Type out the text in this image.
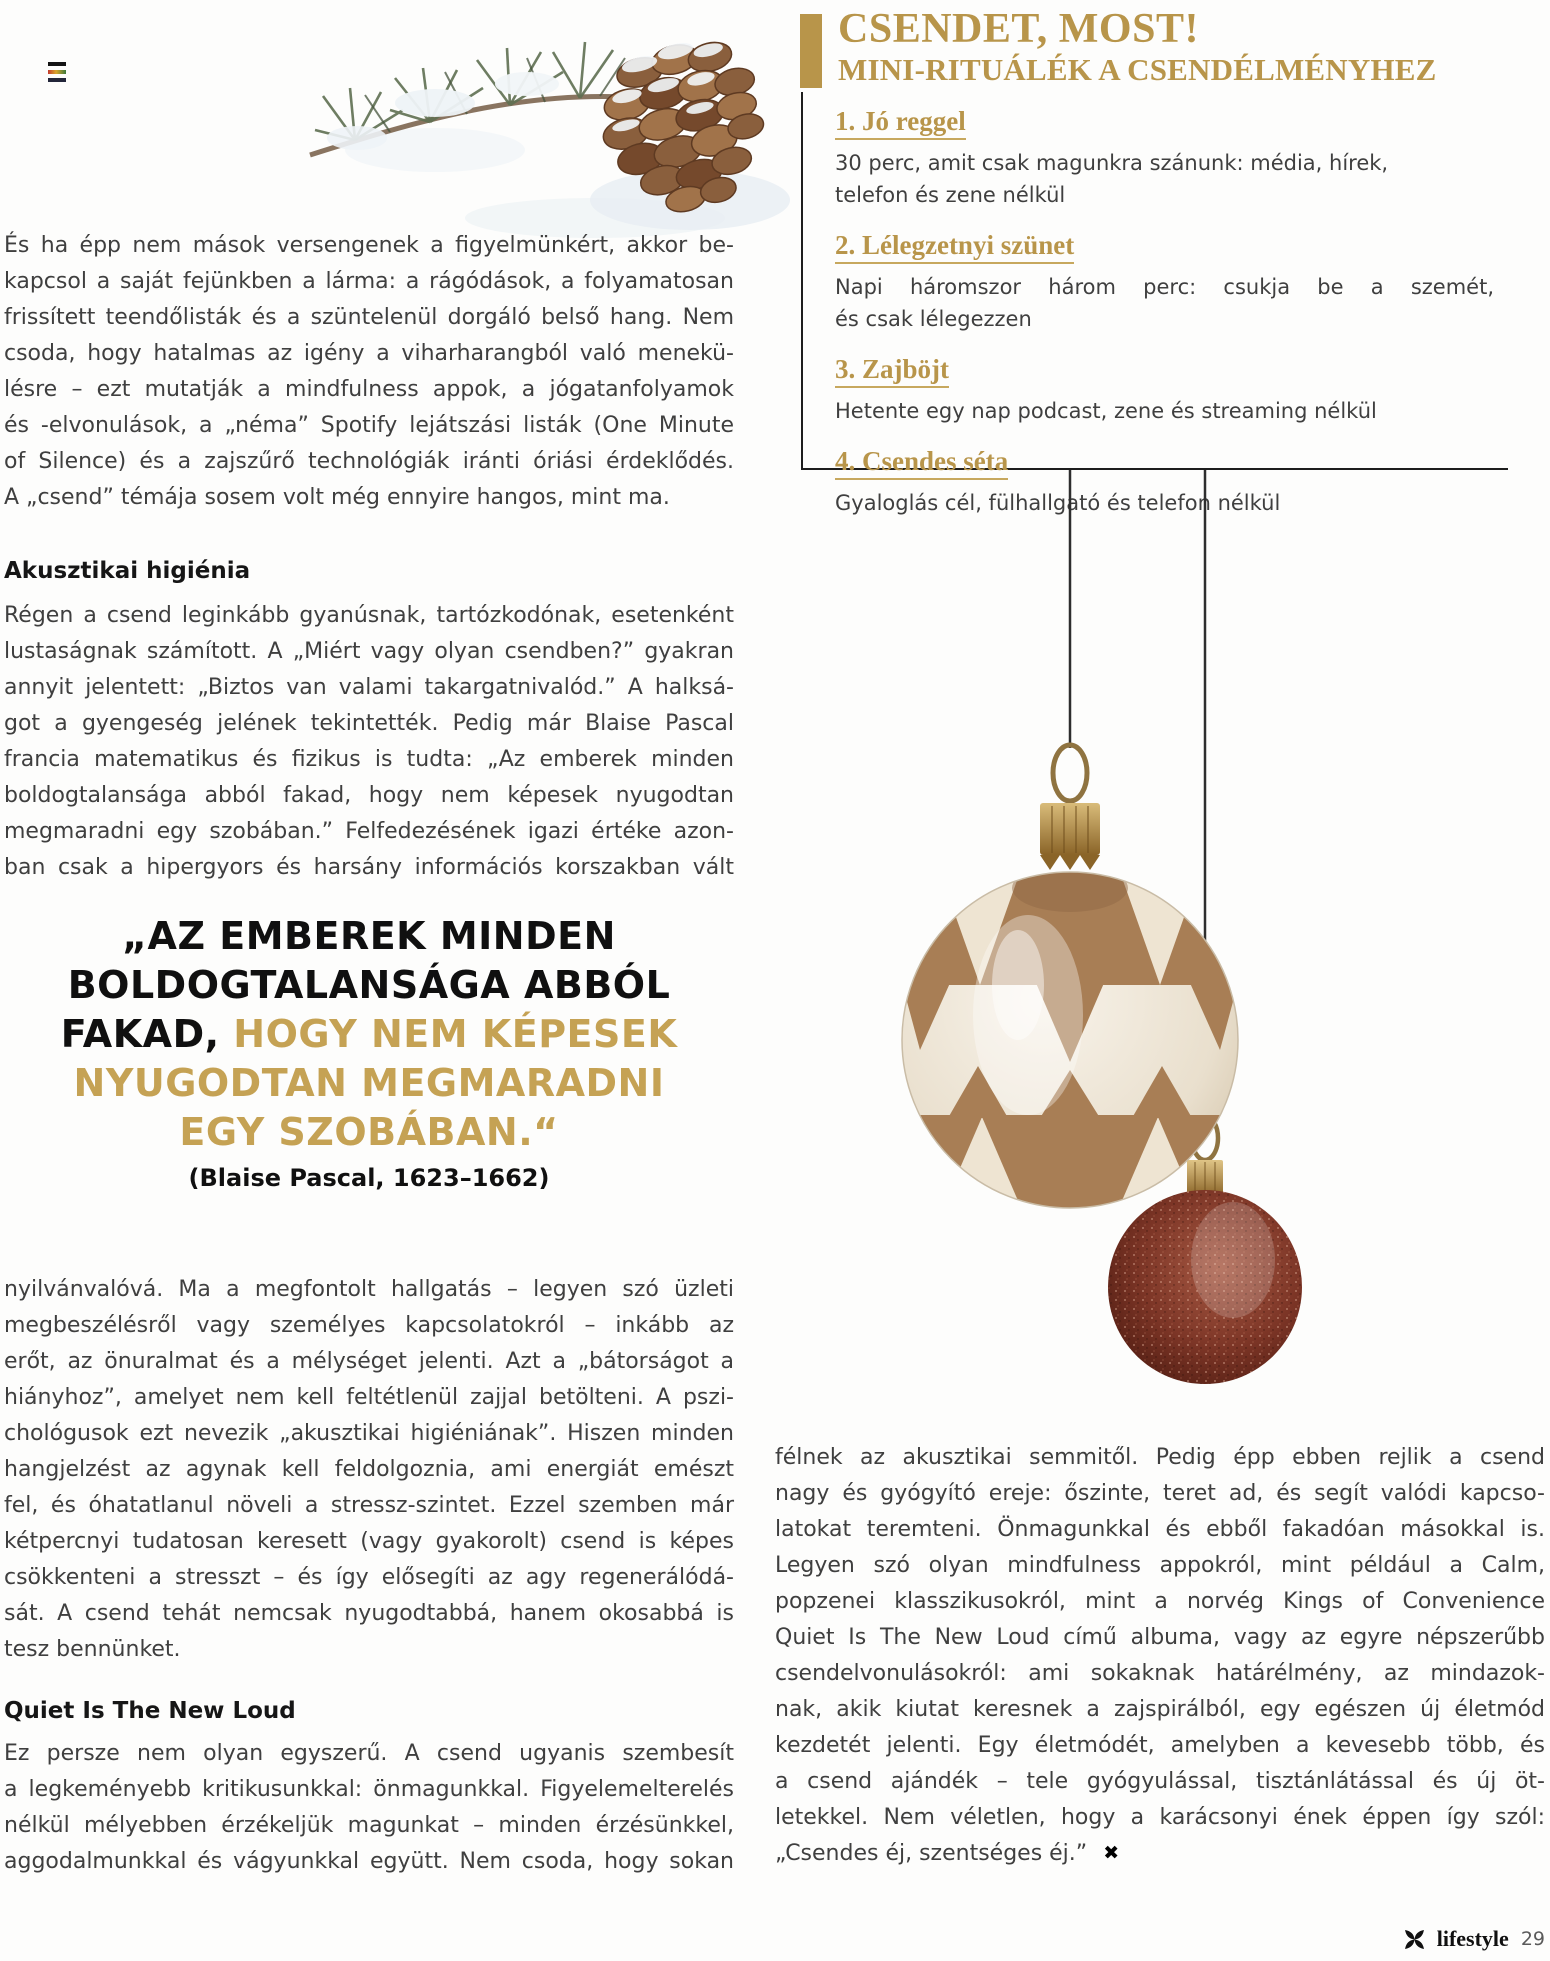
CSENDET, MOST!
MINI-RITUÁLÉK A CSENDÉLMÉNYHEZ
1. Jó reggel
30 perc, amit csak magunkra szánunk: média, hírek,
telefon és zene nélkül
2. Lélegzetnyi szünet
Napi háromszor három perc: csukja be a szemét,
és csak lélegezzen
3. Zajböjt
Hetente egy nap podcast, zene és streaming nélkül
4. Csendes séta
Gyaloglás cél, fülhallgató és telefon nélkül
És ha épp nem mások versengenek a figyelmünkért, akkor be-
kapcsol a saját fejünkben a lárma: a rágódások, a folyamatosan
frissített teendőlisták és a szüntelenül dorgáló belső hang. Nem
csoda, hogy hatalmas az igény a viharharangból való menekü-
lésre – ezt mutatják a mindfulness appok, a jógatanfolyamok
és -elvonulások, a „néma” Spotify lejátszási listák (One Minute
of Silence) és a zajszűrő technológiák iránti óriási érdeklődés.
A „csend” témája sosem volt még ennyire hangos, mint ma.
Akusztikai higiénia
Régen a csend leginkább gyanúsnak, tartózkodónak, esetenként
lustaságnak számított. A „Miért vagy olyan csendben?” gyakran
annyit jelentett: „Biztos van valami takargatnivalód.” A halksá-
got a gyengeség jelének tekintették. Pedig már Blaise Pascal
francia matematikus és fizikus is tudta: „Az emberek minden
boldogtalansága abból fakad, hogy nem képesek nyugodtan
megmaradni egy szobában.” Felfedezésének igazi értéke azon-
ban csak a hipergyors és harsány információs korszakban vált
„AZ EMBEREK MINDEN
BOLDOGTALANSÁGA ABBÓL
FAKAD, HOGY NEM KÉPESEK
NYUGODTAN MEGMARADNI
EGY SZOBÁBAN.“
(Blaise Pascal, 1623–1662)
nyilvánvalóvá. Ma a megfontolt hallgatás – legyen szó üzleti
megbeszélésről vagy személyes kapcsolatokról – inkább az
erőt, az önuralmat és a mélységet jelenti. Azt a „bátorságot a
hiányhoz”, amelyet nem kell feltétlenül zajjal betölteni. A pszi-
chológusok ezt nevezik „akusztikai higiéniának”. Hiszen minden
hangjelzést az agynak kell feldolgoznia, ami energiát emészt
fel, és óhatatlanul növeli a stressz-szintet. Ezzel szemben már
kétpercnyi tudatosan keresett (vagy gyakorolt) csend is képes
csökkenteni a stresszt – és így elősegíti az agy regenerálódá-
sát. A csend tehát nemcsak nyugodtabbá, hanem okosabbá is
tesz bennünket.
Quiet Is The New Loud
Ez persze nem olyan egyszerű. A csend ugyanis szembesít
a legkeményebb kritikusunkkal: önmagunkkal. Figyelemelterelés
nélkül mélyebben érzékeljük magunkat – minden érzésünkkel,
aggodalmunkkal és vágyunkkal együtt. Nem csoda, hogy sokan
félnek az akusztikai semmitől. Pedig épp ebben rejlik a csend
nagy és gyógyító ereje: őszinte, teret ad, és segít valódi kapcso-
latokat teremteni. Önmagunkkal és ebből fakadóan másokkal is.
Legyen szó olyan mindfulness appokról, mint például a Calm,
popzenei klasszikusokról, mint a norvég Kings of Convenience
Quiet Is The New Loud című albuma, vagy az egyre népszerűbb
csendelvonulásokról: ami sokaknak határélmény, az mindazok-
nak, akik kiutat keresnek a zajspirálból, egy egészen új életmód
kezdetét jelenti. Egy életmódét, amelyben a kevesebb több, és
a csend ajándék – tele gyógyulással, tisztánlátással és új öt-
letekkel. Nem véletlen, hogy a karácsonyi ének éppen így szól:
„Csendes éj, szentséges éj.” ✖
lifestyle 29
